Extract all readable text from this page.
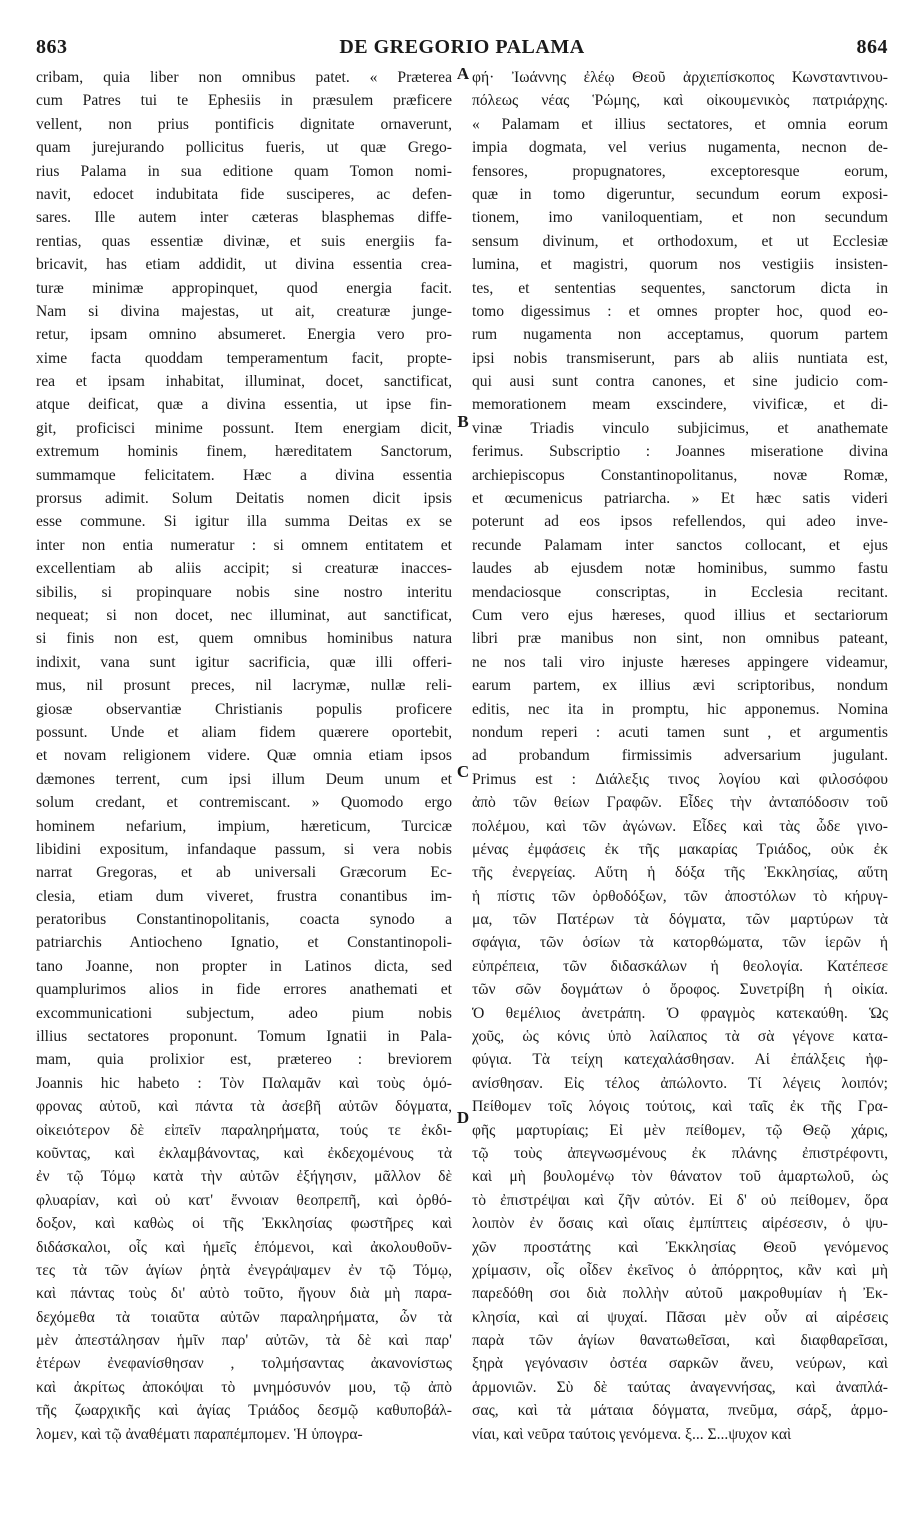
863	DE GREGORIO PALAMA	864
cribam, quia liber non omnibus patet. « Præterea
cum Patres tui te Ephesiis in præsulem præficere
vellent, non prius pontificis dignitate ornaverunt,
quam jurejurando pollicitus fueris, ut quæ Grego-
rius Palama in sua editione quam Tomon nomi-
navit, edocet indubitata fide susciperes, ac defen-
sares. Ille autem inter cæteras blasphemas diffe-
rentias, quas essentiæ divinæ, et suis energiis fa-
bricavit, has etiam addidit, ut divina essentia crea-
turæ minimæ appropinquet, quod energia facit.
Nam si divina majestas, ut ait, creaturæ junge-
retur, ipsam omnino absumeret. Energia vero pro-
xime facta quoddam temperamentum facit, propte-
rea et ipsam inhabitat, illuminat, docet, sanctificat,
atque deificat, quæ a divina essentia, ut ipse fin-
git, proficisci minime possunt. Item energiam dicit,
extremum hominis finem, hæreditatem Sanctorum,
summamque felicitatem. Hæc a divina essentia
prorsus adimit. Solum Deitatis nomen dicit ipsis
esse commune. Si igitur illa summa Deitas ex se
inter non entia numeratur : si omnem entitatem et
excellentiam ab aliis accipit; si creaturæ inacces-
sibilis, si propinquare nobis sine nostro interitu
nequeat; si non docet, nec illuminat, aut sanctificat,
si finis non est, quem omnibus hominibus natura
indixit, vana sunt igitur sacrificia, quæ illi offeri-
mus, nil prosunt preces, nil lacrymæ, nullæ reli-
giosæ observantiæ Christianis populis proficere
possunt. Unde et aliam fidem quærere oportebit,
et novam religionem videre. Quæ omnia etiam ipsos
dæmones terrent, cum ipsi illum Deum unum et
solum credant, et contremiscant. » Quomodo ergo
hominem nefarium, impium, hæreticum, Turcicæ
libidini expositum, infandaque passum, si vera nobis
narrat Gregoras, et ab universali Græcorum Ec-
clesia, etiam dum viveret, frustra conantibus im-
peratoribus Constantinopolitanis, coacta synodo a
patriarchis Antiocheno Ignatio, et Constantinopoli-
tano Joanne, non propter in Latinos dicta, sed
quamplurimos alios in fide errores anathemati et
excommunicationi subjectum, adeo pium nobis
illius sectatores proponunt. Tomum Ignatii in Pala-
mam, quia prolixior est, prætereo : breviorem
Joannis hic habeto : Τὸν Παλαμᾶν καὶ τοὺς ὁμό-
φρονας αὐτοῦ, καὶ πάντα τὰ ἀσεβῆ αὐτῶν δόγματα,
οἰκειότερον δὲ εἰπεῖν παραληρήματα, τούς τε ἐκδι-
κοῦντας, καὶ ἐκλαμβάνοντας, καὶ ἐκδεχομένους τὰ
ἐν τῷ Τόμῳ κατὰ τὴν αὐτῶν ἐξήγησιν, μᾶλλον δὲ
φλυαρίαν, καὶ οὐ κατ' ἔννοιαν θεοπρεπῆ, καὶ ὀρθό-
δοξον, καὶ καθὼς οἱ τῆς Ἐκκλησίας φωστῆρες καὶ
διδάσκαλοι, οἷς καὶ ἡμεῖς ἑπόμενοι, καὶ ἀκολουθοῦν-
τες τὰ τῶν ἁγίων ῥητὰ ἐνεγράψαμεν ἐν τῷ Τόμῳ,
καὶ πάντας τοὺς δι' αὐτὸ τοῦτο, ἤγουν διὰ μὴ παρα-
δεχόμεθα τὰ τοιαῦτα αὐτῶν παραληρήματα, ὧν τὰ
μὲν ἀπεστάλησαν ἡμῖν παρ' αὐτῶν, τὰ δὲ καὶ παρ'
ἑτέρων ἐνεφανίσθησαν , τολμήσαντας ἀκανονίστως
καὶ ἀκρίτως ἀποκόψαι τὸ μνημόσυνόν μου, τῷ ἀπὸ
τῆς ζωαρχικῆς καὶ ἁγίας Τριάδος δεσμῷ καθυποβάλ-
λομεν, καὶ τῷ ἀναθέματι παραπέμπομεν. Ἡ ὑπογρα-
φή· Ἰωάννης ἐλέῳ Θεοῦ ἀρχιεπίσκοπος Κωνσταντινου-
πόλεως νέας Ῥώμης, καὶ οἰκουμενικὸς πατριάρχης.
« Palamam et illius sectatores, et omnia eorum
impia dogmata, vel verius nugamenta, necnon de-
fensores, propugnatores, exceptoresque eorum,
quæ in tomo digeruntur, secundum eorum exposi-
tionem, imo vaniloquentiam, et non secundum
sensum divinum, et orthodoxum, et ut Ecclesiæ
lumina, et magistri, quorum nos vestigiis insisten-
tes, et sententias sequentes, sanctorum dicta in
tomo digessimus : et omnes propter hoc, quod eo-
rum nugamenta non acceptamus, quorum partem
ipsi nobis transmiserunt, pars ab aliis nuntiata est,
qui ausi sunt contra canones, et sine judicio com-
memorationem meam exscindere, vivificæ, et di-
vinæ Triadis vinculo subjicimus, et anathemate
ferimus. Subscriptio : Joannes miseratione divina
archiepiscopus Constantinopolitanus, novæ Romæ,
et œcumenicus patriarcha. » Et hæc satis videri
poterunt ad eos ipsos refellendos, qui adeo inve-
recunde Palamam inter sanctos collocant, et ejus
laudes ab ejusdem notæ hominibus, summo fastu
mendaciosque conscriptas, in Ecclesia recitant.
Cum vero ejus hæreses, quod illius et sectariorum
libri præ manibus non sint, non omnibus pateant,
ne nos tali viro injuste hæreses appingere videamur,
earum partem, ex illius ævi scriptoribus, nondum
editis, nec ita in promptu, hic apponemus. Nomina
nondum reperi : acuti tamen sunt , et argumentis
ad probandum firmissimis adversarium jugulant.
Primus est : Διάλεξις τινος λογίου καὶ φιλοσόφου
ἀπὸ τῶν θείων Γραφῶν. Εἶδες τὴν ἀνταπόδοσιν τοῦ
πολέμου, καὶ τῶν ἀγώνων. Εἶδες καὶ τὰς ὧδε γινο-
μένας ἐμφάσεις ἐκ τῆς μακαρίας Τριάδος, οὐκ ἐκ
τῆς ἐνεργείας. Αὕτη ἡ δόξα τῆς Ἐκκλησίας, αὕτη
ἡ πίστις τῶν ὀρθοδόξων, τῶν ἀποστόλων τὸ κήρυγ-
μα, τῶν Πατέρων τὰ δόγματα, τῶν μαρτύρων τὰ
σφάγια, τῶν ὁσίων τὰ κατορθώματα, τῶν ἱερῶν ἡ
εὐπρέπεια, τῶν διδασκάλων ἡ θεολογία. Κατέπεσε
τῶν σῶν δογμάτων ὁ ὄροφος. Συνετρίβη ἡ οἰκία.
Ὁ θεμέλιος ἀνετράπη. Ὁ φραγμὸς κατεκαύθη. Ὡς
χοῦς, ὡς κόνις ὑπὸ λαίλαπος τὰ σὰ γέγονε κατα-
φύγια. Τὰ τείχη κατεχαλάσθησαν. Αἱ ἐπάλξεις ἠφ-
ανίσθησαν. Εἰς τέλος ἀπώλοντο. Τί λέγεις λοιπόν;
Πείθομεν τοῖς λόγοις τούτοις, καὶ ταῖς ἐκ τῆς Γρα-
φῆς μαρτυρίαις; Εἰ μὲν πείθομεν, τῷ Θεῷ χάρις,
τῷ τοὺς ἀπεγνωσμένους ἐκ πλάνης ἐπιστρέφοντι,
καὶ μὴ βουλομένῳ τὸν θάνατον τοῦ ἁμαρτωλοῦ, ὡς
τὸ ἐπιστρέψαι καὶ ζῆν αὐτόν. Εἰ δ' οὐ πείθομεν, ὅρα
λοιπὸν ἐν ὅσαις καὶ οἵαις ἐμπίπτεις αἱρέσεσιν, ὁ ψυ-
χῶν προστάτης καὶ Ἐκκλησίας Θεοῦ γενόμενος
χρίμασιν, οἷς οἶδεν ἐκεῖνος ὁ ἀπόρρητος, κἂν καὶ μὴ
παρεδόθη σοι διὰ πολλὴν αὐτοῦ μακροθυμίαν ἡ Ἐκ-
κλησία, καὶ αἱ ψυχαί. Πᾶσαι μὲν οὖν αἱ αἱρέσεις
παρὰ τῶν ἁγίων θανατωθεῖσαι, καὶ διαφθαρεῖσαι,
ξηρὰ γεγόνασιν ὀστέα σαρκῶν ἄνευ, νεύρων, καὶ
ἁρμονιῶν. Σὺ δὲ ταύτας ἀναγεννήσας, καὶ ἀναπλά-
σας, καὶ τὰ μάταια δόγματα, πνεῦμα, σάρξ, ἁρμο-
νίαι, καὶ νεῦρα ταύτοις γενόμενα. ξ... Σ...ψυχον καὶ
A
B
C
D
